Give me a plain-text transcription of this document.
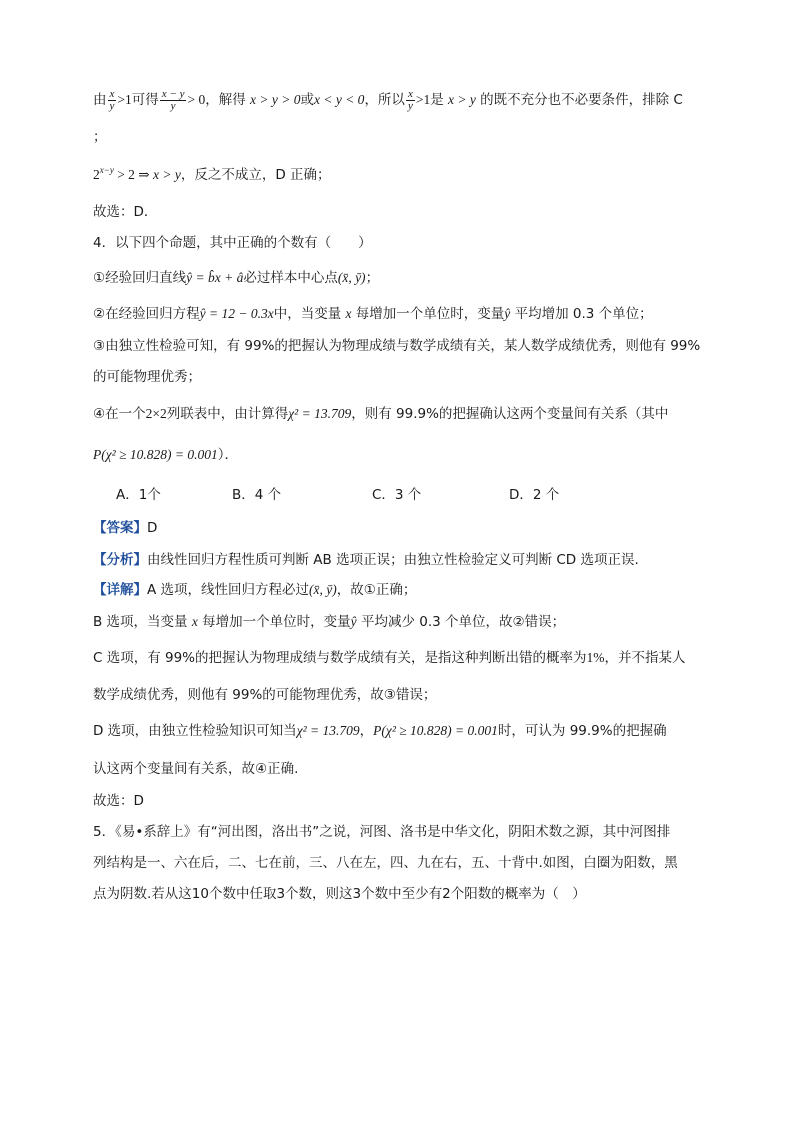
由 $\frac{x}{y} >1$可得 $\frac{x - y}{y} > 0$，解得 x > y > 0或x < y < 0，所以 $\frac{x}{y} >1$是 x > y 的既不充分也不必要条件，排除 C
；
$2^{x-y} > 2$ ⇒ x > y，反之不成立，D 正确；
故选：D．
4．以下四个命题，其中正确的个数有（　　）
①经验回归直线ŷ = b̂x + â必过样本中心点(x̄, ȳ)；
②在经验回归方程ŷ = 12 − 0.3x中，当变量 x 每增加一个单位时，变量ŷ 平均增加 0.3 个单位；
③由独立性检验可知，有 99%的把握认为物理成绩与数学成绩有关，某人数学成绩优秀，则他有 99%
的可能物理优秀；
④在一个2×2列联表中，由计算得χ² = 13.709，则有 99.9%的把握确认这两个变量间有关系（其中
P(χ² ≥ 10.828) = 0.001）．
A．1个	B．4 个	C．3 个	D．2 个
【答案】D
【分析】由线性回归方程性质可判断 AB 选项正误；由独立性检验定义可判断 CD 选项正误.
【详解】A 选项，线性回归方程必过(x̄, ȳ)，故①正确；
B 选项，当变量 x 每增加一个单位时，变量ŷ 平均减少 0.3 个单位，故②错误；
C 选项，有 99%的把握认为物理成绩与数学成绩有关，是指这种判断出错的概率为1%，并不指某人
数学成绩优秀，则他有 99%的可能物理优秀，故③错误；
D 选项，由独立性检验知识可知当χ² = 13.709，P(χ² ≥ 10.828) = 0.001时，可认为 99.9%的把握确
认这两个变量间有关系，故④正确.
故选：D
5．《易•系辞上》有“河出图，洛出书”之说，河图、洛书是中华文化，阴阳术数之源，其中河图排
列结构是一、六在后，二、七在前，三、八在左，四、九在右，五、十背中.如图，白圈为阳数，黑
点为阴数.若从这10个数中任取3个数，则这3个数中至少有2个阳数的概率为（　）
